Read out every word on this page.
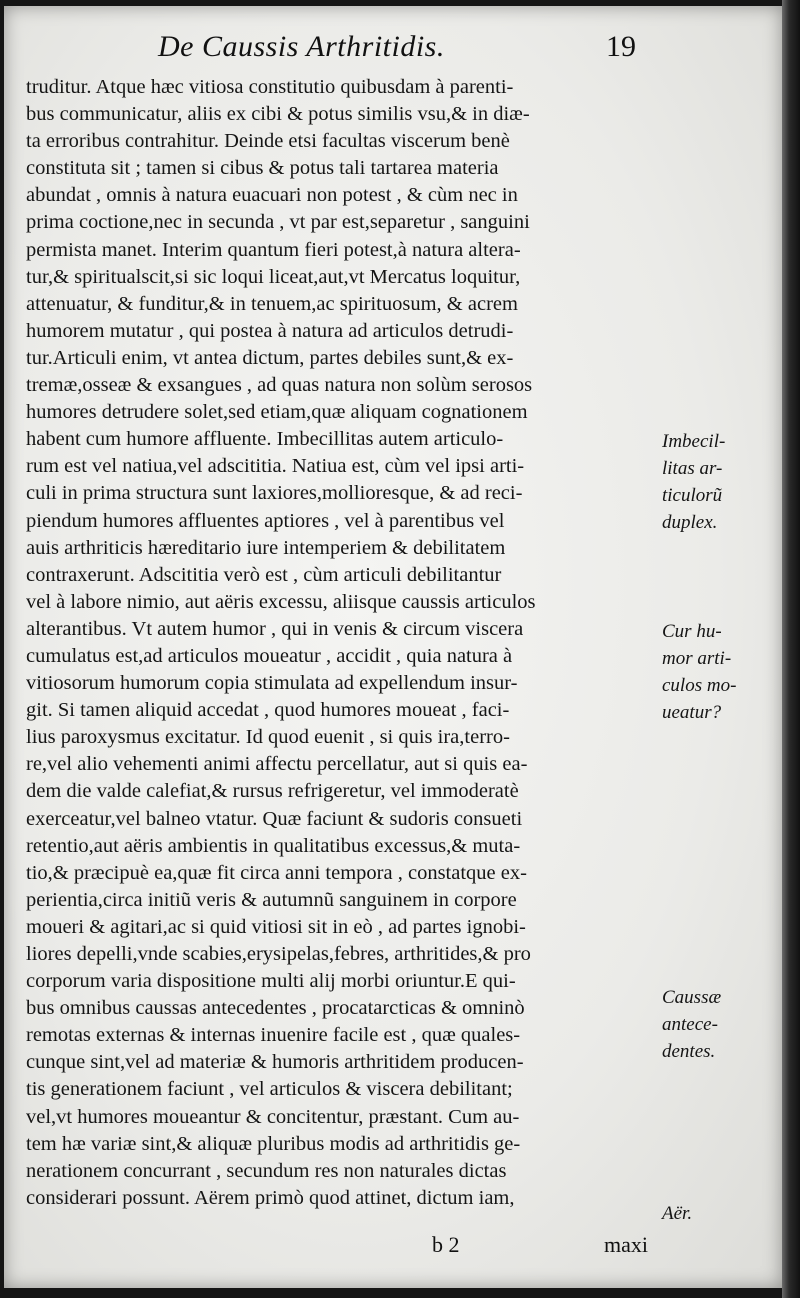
De Caussis Arthritidis.	19
truditur. Atque hæc vitiosa constitutio quibusdam à parenti-
bus communicatur, aliis ex cibi & potus similis vsu,& in diæ-
ta erroribus contrahitur. Deinde etsi facultas viscerum benè
constituta sit ; tamen si cibus & potus tali tartarea materia
abundat , omnis à natura euacuari non potest , & cùm nec in
prima coctione,nec in secunda , vt par est,separetur , sanguini
permista manet. Interim quantum fieri potest,à natura altera-
tur,& spiritualscit,si sic loqui liceat,aut,vt Mercatus loquitur,
attenuatur, & funditur,& in tenuem,ac spirituosum, & acrem
humorem mutatur , qui postea à natura ad articulos detrudi-
tur.Articuli enim, vt antea dictum, partes debiles sunt,& ex-
tremæ,osseæ & exsangues , ad quas natura non solùm serosos
humores detrudere solet,sed etiam,quæ aliquam cognationem
habent cum humore affluente. Imbecillitas autem articulo-
rum est vel natiua,vel adscititia. Natiua est, cùm vel ipsi arti-
culi in prima structura sunt laxiores,mollioresque, & ad reci-
piendum humores affluentes aptiores , vel à parentibus vel
auis arthriticis hæreditario iure intemperiem & debilitatem
contraxerunt. Adscititia verò est , cùm articuli debilitantur
vel à labore nimio, aut aëris excessu, aliisque caussis articulos
alterantibus. Vt autem humor , qui in venis & circum viscera
cumulatus est,ad articulos moueatur , accidit , quia natura à
vitiosorum humorum copia stimulata ad expellendum insur-
git. Si tamen aliquid accedat , quod humores moueat , faci-
lius paroxysmus excitatur. Id quod euenit , si quis ira,terro-
re,vel alio vehementi animi affectu percellatur, aut si quis ea-
dem die valde calefiat,& rursus refrigeretur, vel immoderatè
exerceatur,vel balneo vtatur. Quæ faciunt & sudoris consueti
retentio,aut aëris ambientis in qualitatibus excessus,& muta-
tio,& præcipuè ea,quæ fit circa anni tempora , constatque ex-
perientia,circa initiũ veris & autumnũ sanguinem in corpore
moueri & agitari,ac si quid vitiosi sit in eò , ad partes ignobi-
liores depelli,vnde scabies,erysipelas,febres, arthritides,& pro
corporum varia dispositione multi alij morbi oriuntur.E qui-
bus omnibus caussas antecedentes , procatarcticas & omninò
remotas externas & internas inuenire facile est , quæ quales-
cunque sint,vel ad materiæ & humoris arthritidem producen-
tis generationem faciunt , vel articulos & viscera debilitant;
vel,vt humores moueantur & concitentur, præstant. Cum au-
tem hæ variæ sint,& aliquæ pluribus modis ad arthritidis ge-
nerationem concurrant , secundum res non naturales dictas
considerari possunt. Aërem primò quod attinet, dictum iam,
Imbecil-
litas ar-
ticulorũ
duplex.
Cur hu-
mor arti-
culos mo-
ueatur?
Caussæ
antece-
dentes.
Aër.
b 2	maxi
